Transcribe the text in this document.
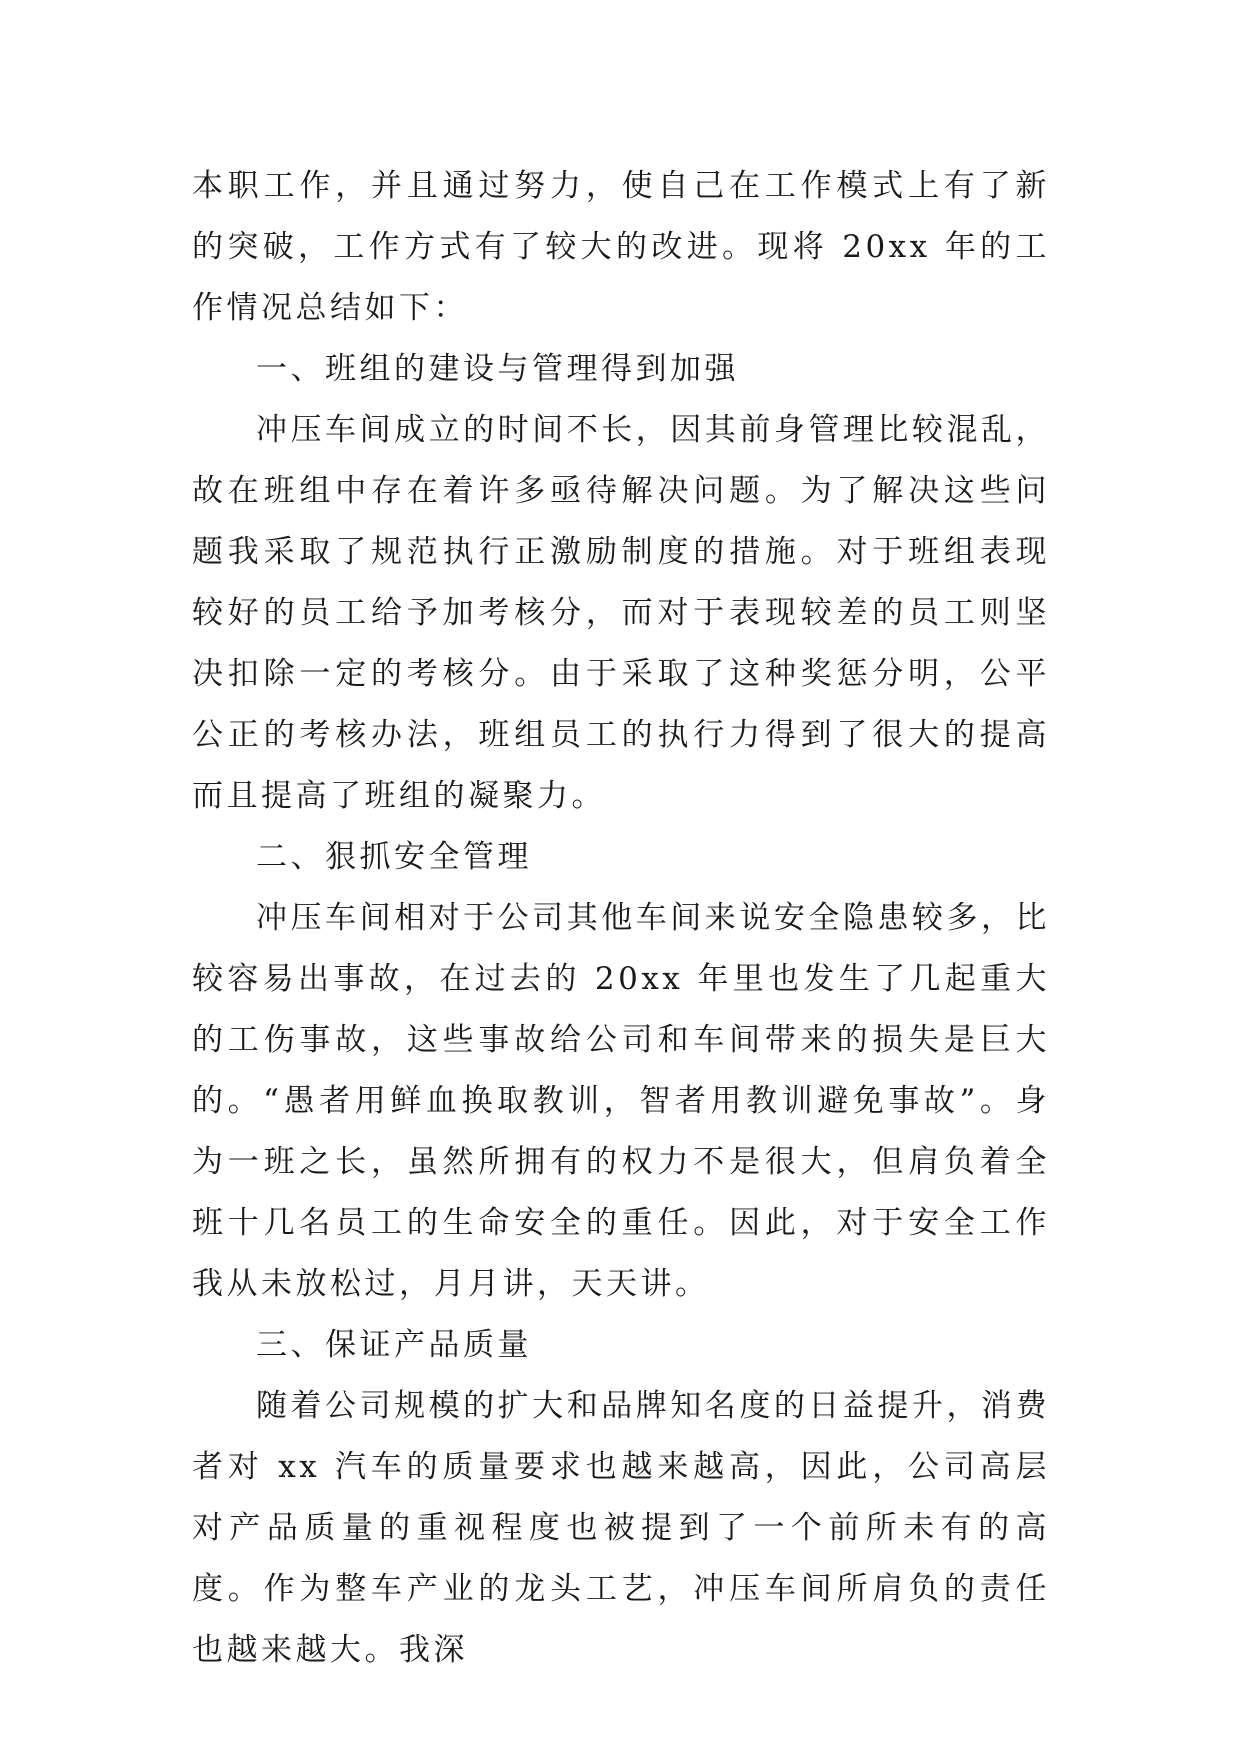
本职工作，并且通过努力，使自己在工作模式上有了新的突破，工作方式有了较大的改进。现将 20xx 年的工作情况总结如下：

一、班组的建设与管理得到加强

冲压车间成立的时间不长，因其前身管理比较混乱，故在班组中存在着许多亟待解决问题。为了解决这些问题我采取了规范执行正激励制度的措施。对于班组表现较好的员工给予加考核分，而对于表现较差的员工则坚决扣除一定的考核分。由于采取了这种奖惩分明，公平公正的考核办法，班组员工的执行力得到了很大的提高而且提高了班组的凝聚力。

二、狠抓安全管理

冲压车间相对于公司其他车间来说安全隐患较多，比较容易出事故，在过去的 20xx 年里也发生了几起重大的工伤事故，这些事故给公司和车间带来的损失是巨大的。“愚者用鲜血换取教训，智者用教训避免事故”。身为一班之长，虽然所拥有的权力不是很大，但肩负着全班十几名员工的生命安全的重任。因此，对于安全工作我从未放松过，月月讲，天天讲。

三、保证产品质量

随着公司规模的扩大和品牌知名度的日益提升，消费者对 xx 汽车的质量要求也越来越高，因此，公司高层对产品质量的重视程度也被提到了一个前所未有的高度。作为整车产业的龙头工艺，冲压车间所肩负的责任也越来越大。我深
